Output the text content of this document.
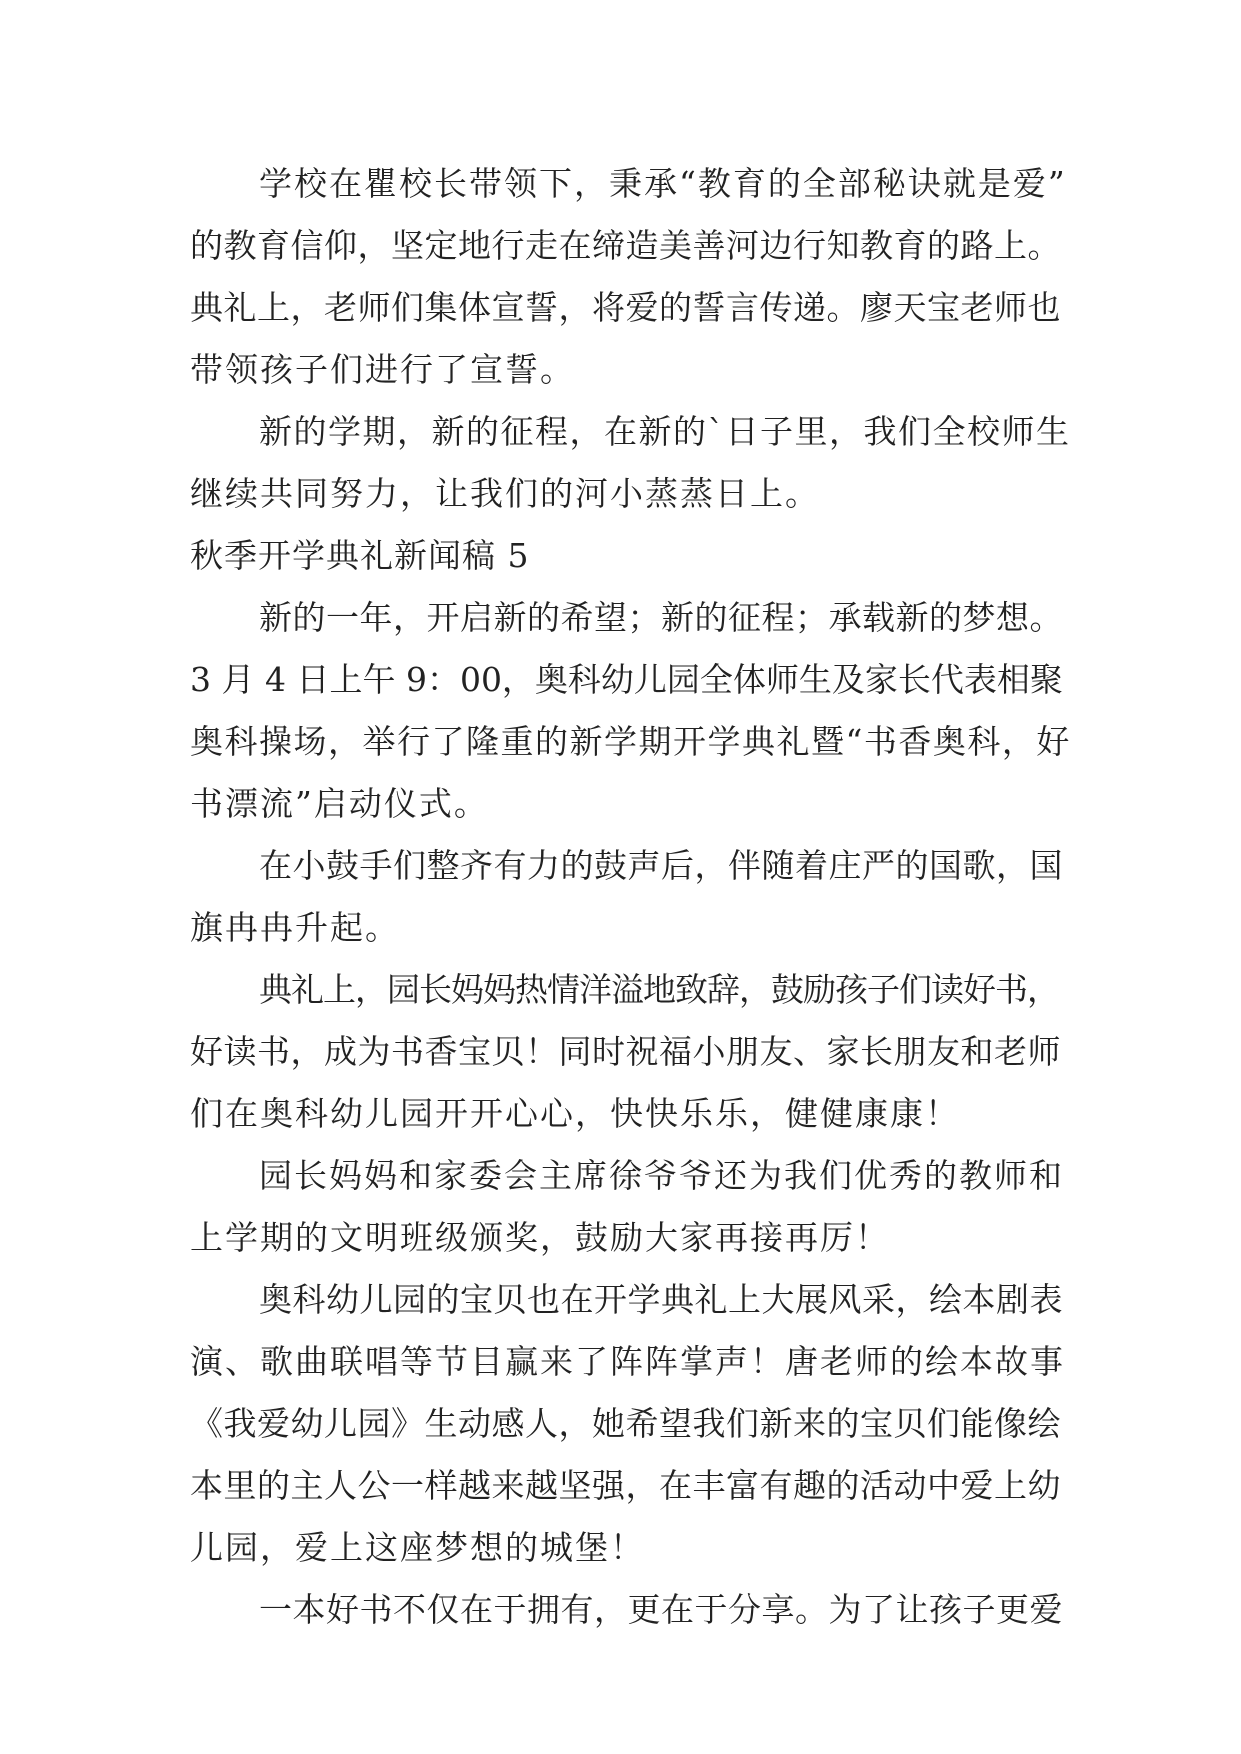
学校在瞿校长带领下，秉承“教育的全部秘诀就是爱”
的教育信仰，坚定地行走在缔造美善河边行知教育的路上。
典礼上，老师们集体宣誓，将爱的誓言传递。廖天宝老师也
带领孩子们进行了宣誓。
新的学期，新的征程，在新的`日子里，我们全校师生
继续共同努力，让我们的河小蒸蒸日上。
秋季开学典礼新闻稿 5
新的一年，开启新的希望；新的征程；承载新的梦想。
3 月 4 日上午 9：00，奥科幼儿园全体师生及家长代表相聚
奥科操场，举行了隆重的新学期开学典礼暨“书香奥科，好
书漂流”启动仪式。
在小鼓手们整齐有力的鼓声后，伴随着庄严的国歌，国
旗冉冉升起。
典礼上，园长妈妈热情洋溢地致辞，鼓励孩子们读好书，
好读书，成为书香宝贝！同时祝福小朋友、家长朋友和老师
们在奥科幼儿园开开心心，快快乐乐，健健康康！
园长妈妈和家委会主席徐爷爷还为我们优秀的教师和
上学期的文明班级颁奖，鼓励大家再接再厉！
奥科幼儿园的宝贝也在开学典礼上大展风采，绘本剧表
演、歌曲联唱等节目赢来了阵阵掌声！唐老师的绘本故事
《我爱幼儿园》生动感人，她希望我们新来的宝贝们能像绘
本里的主人公一样越来越坚强，在丰富有趣的活动中爱上幼
儿园，爱上这座梦想的城堡！
一本好书不仅在于拥有，更在于分享。为了让孩子更爱
